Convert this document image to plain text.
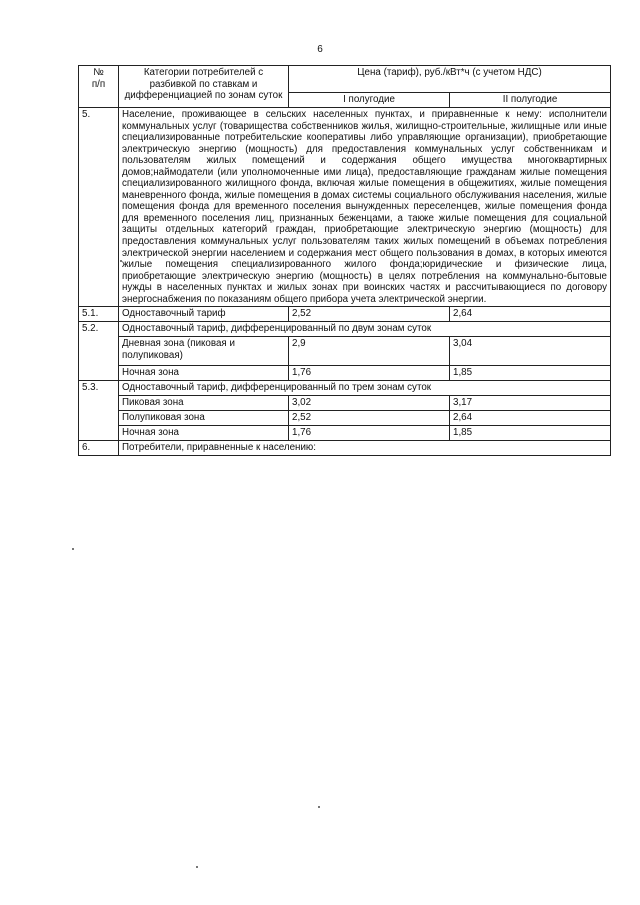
6
№
п/п	Категории потребителей с разбивкой по ставкам и дифференциацией по зонам суток	Цена (тариф), руб./кВт*ч (с учетом НДС)	
		I полугодие	II полугодие
5.	Население, проживающее в сельских населенных пунктах, и приравненные к нему: исполнители коммунальных услуг (товарищества собственников жилья, жилищно-строительные, жилищные или иные специализированные потребительские кооперативы либо управляющие организации), приобретающие электрическую энергию (мощность) для предоставления коммунальных услуг собственникам и пользователям жилых помещений и содержания общего имущества многоквартирных домов;наймодатели (или уполномоченные ими лица), предоставляющие гражданам жилые помещения специализированного жилищного фонда, включая жилые помещения в общежитиях, жилые помещения маневренного фонда, жилые помещения в домах системы социального обслуживания населения, жилые помещения фонда для временного поселения вынужденных переселенцев, жилые помещения фонда для временного поселения лиц, признанных беженцами, а также жилые помещения для социальной защиты отдельных категорий граждан, приобретающие электрическую энергию (мощность) для предоставления коммунальных услуг пользователям таких жилых помещений в объемах потребления электрической энергии населением и содержания мест общего пользования в домах, в которых имеются жилые помещения специализированного жилого фонда;юридические и физические лица, приобретающие электрическую энергию (мощность) в целях потребления на коммунально-бытовые нужды в населенных пунктах и жилых зонах при воинских частях и рассчитывающиеся по договору энергоснабжения по показаниям общего прибора учета электрической энергии.		
5.1.	Одноставочный тариф	2,52	2,64
5.2.	Одноставочный тариф, дифференцированный по двум зонам суток		
	Дневная зона (пиковая и полупиковая)	2,9	3,04
	Ночная зона	1,76	1,85
5.3.	Одноставочный тариф, дифференцированный по трем зонам суток		
	Пиковая зона	3,02	3,17
	Полупиковая зона	2,52	2,64
	Ночная зона	1,76	1,85
6.	Потребители, приравненные к населению:		
